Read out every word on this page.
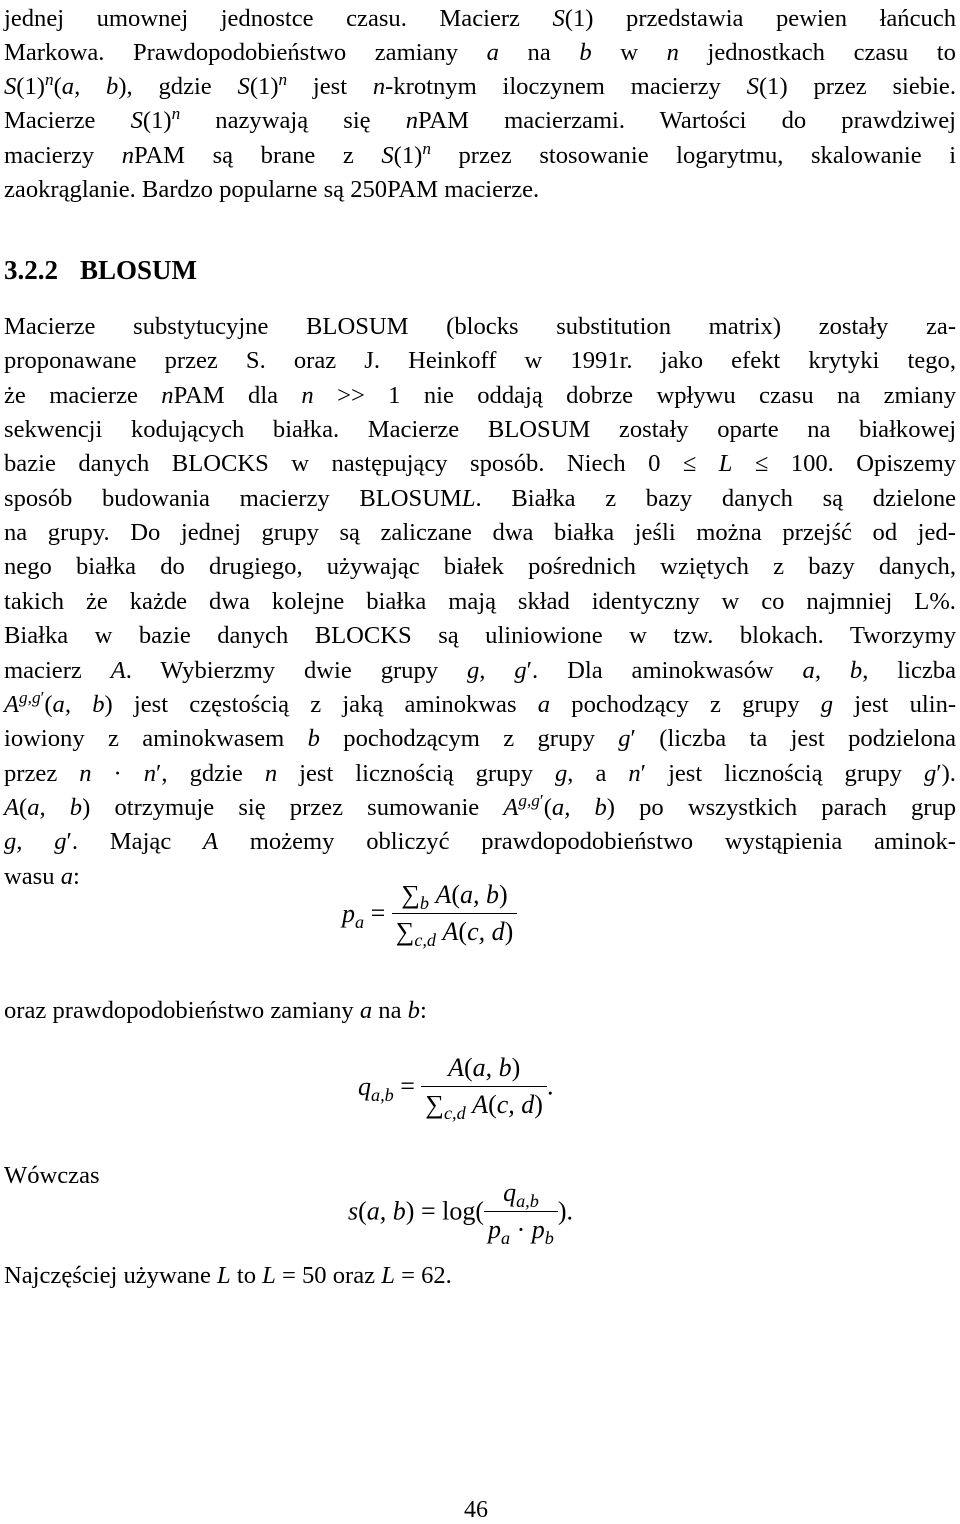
jednej umownej jednostce czasu. Macierz S(1) przedstawia pewien łańcuch
Markowa. Prawdopodobieństwo zamiany a na b w n jednostkach czasu to
$S(1)^n(a$, b), gdzie $S(1)^n$ jest n-krotnym iloczynem macierzy S(1) przez siebie.
Macierze $S(1)^n$ nazywają się nPAM macierzami. Wartości do prawdziwej
macierzy nPAM są brane z $S(1)^n$ przez stosowanie logarytmu, skalowanie i
zaokrąglanie. Bardzo popularne są 250PAM macierze.
3.2.2 BLOSUM
Macierze substytucyjne BLOSUM (blocks substitution matrix) zostały za-
proponawane przez S. oraz J. Heinkoff w 1991r. jako efekt krytyki tego,
że macierze nPAM dla n >> 1 nie oddają dobrze wpływu czasu na zmiany
sekwencji kodujących białka. Macierze BLOSUM zostały oparte na białkowej
bazie danych BLOCKS w następujący sposób. Niech 0 ≤ L ≤ 100. Opiszemy
sposób budowania macierzy BLOSUML. Białka z bazy danych są dzielone
na grupy. Do jednej grupy są zaliczane dwa białka jeśli można przejść od jed-
nego białka do drugiego, używając białek pośrednich wziętych z bazy danych,
takich że każde dwa kolejne białka mają skład identyczny w co najmniej L%.
Białka w bazie danych BLOCKS są uliniowione w tzw. blokach. Tworzymy
macierz A. Wybierzmy dwie grupy g, g′. Dla aminokwasów a, b, liczba
$A^{g,g'}(a$, b) jest częstością z jaką aminokwas a pochodzący z grupy g jest ulin-
iowiony z aminokwasem b pochodzącym z grupy g′ (liczba ta jest podzielona
przez n · n′, gdzie n jest licznością grupy g, a n′ jest licznością grupy g′).
A(a, b) otrzymuje się przez sumowanie $A^{g,g'}(a$, b) po wszystkich parach grup
g, g′. Mając A możemy obliczyć prawdopodobieństwo wystąpienia aminok-
wasu a:
$p_a = \frac{\sum_b A(a, b)}{\sum_{c,d} A(c, d)}$
oraz prawdopodobieństwo zamiany a na b:
$q_{a,b} = \frac{A(a, b)}{\sum_{c,d} A(c, d)}$ .
Wówczas
s(a, $b) = \log( \frac{q_{a,b}}{p_a \cdot p_b}$ ).
Najczęściej używane L to L = 50 oraz L = 62.
46
